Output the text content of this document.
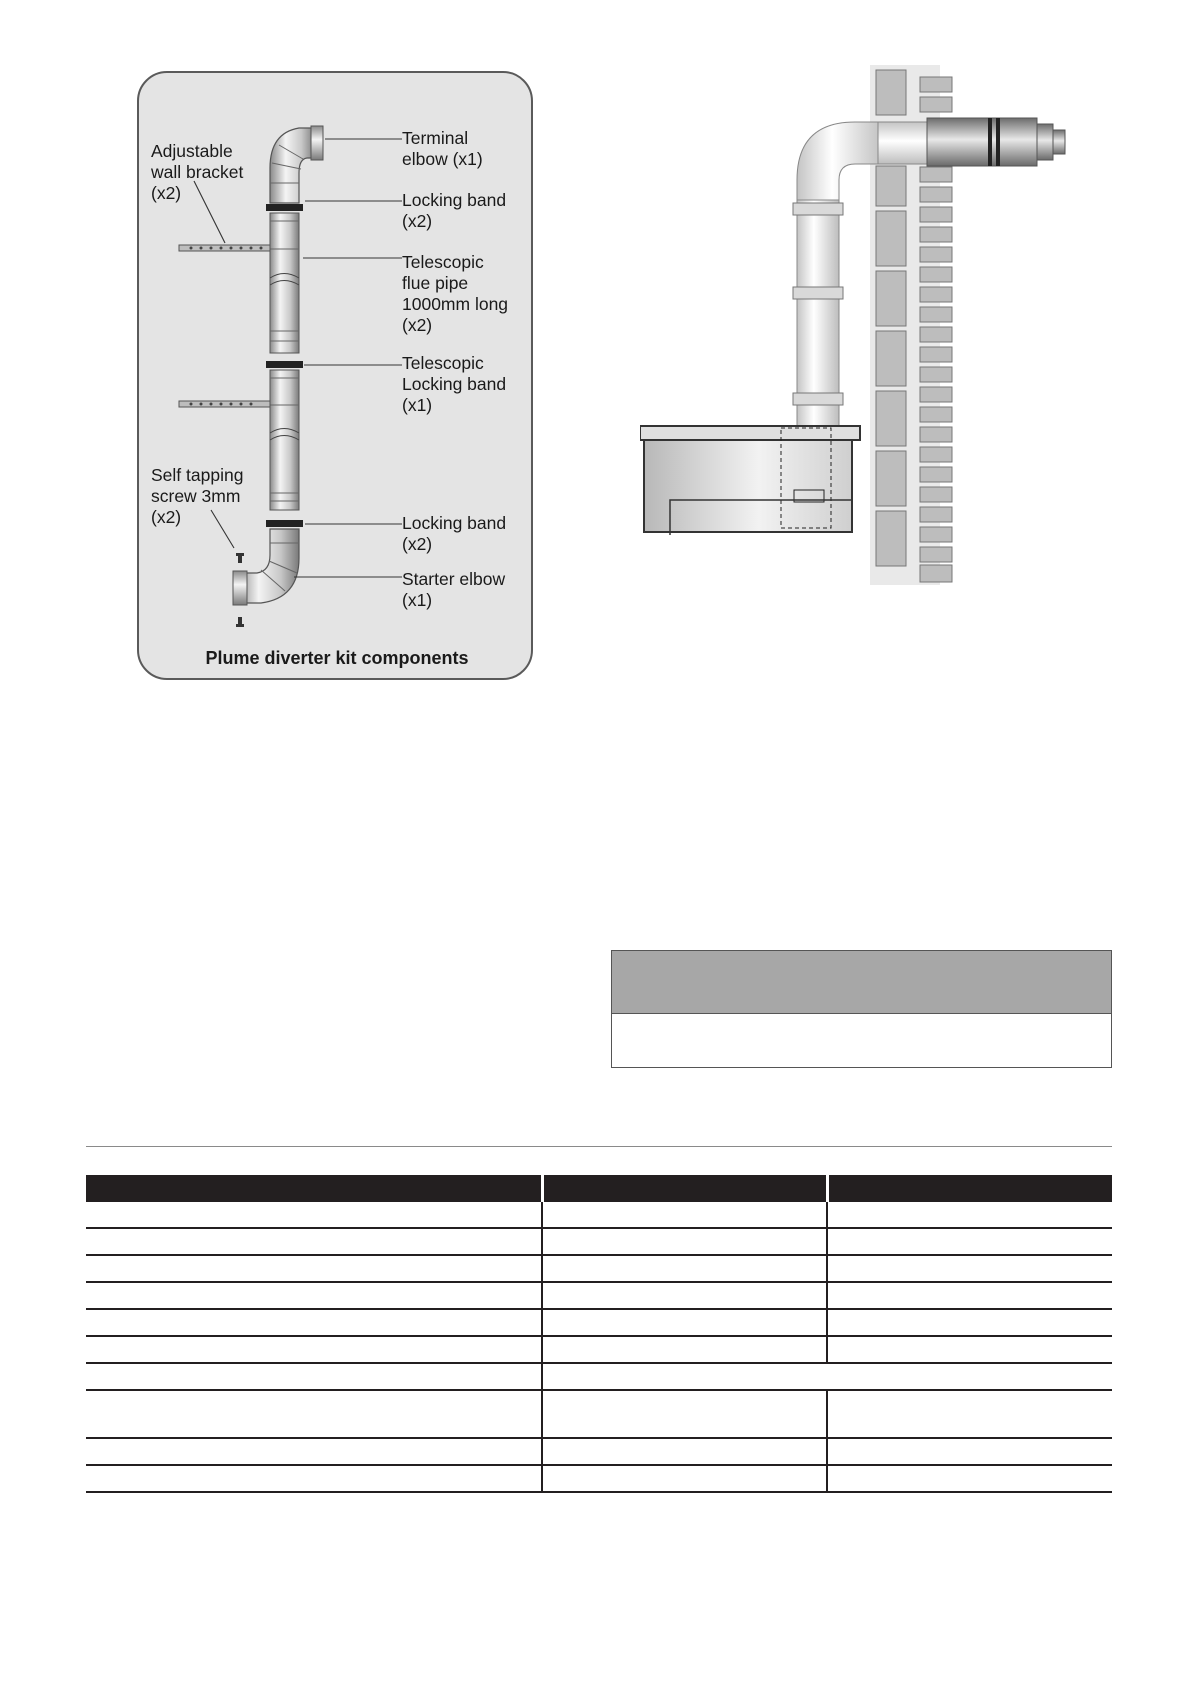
Terminal
elbow (x1)
Adjustable
wall bracket
(x2)	Locking band
(x2)
Telescopic
flue pipe
1000mm long
(x2)
Telescopic
Locking band
(x1)
Self tapping
screw 3mm
(x2)	Locking band
(x2)
Starter elbow
(x1)
Plume diverter kit components
